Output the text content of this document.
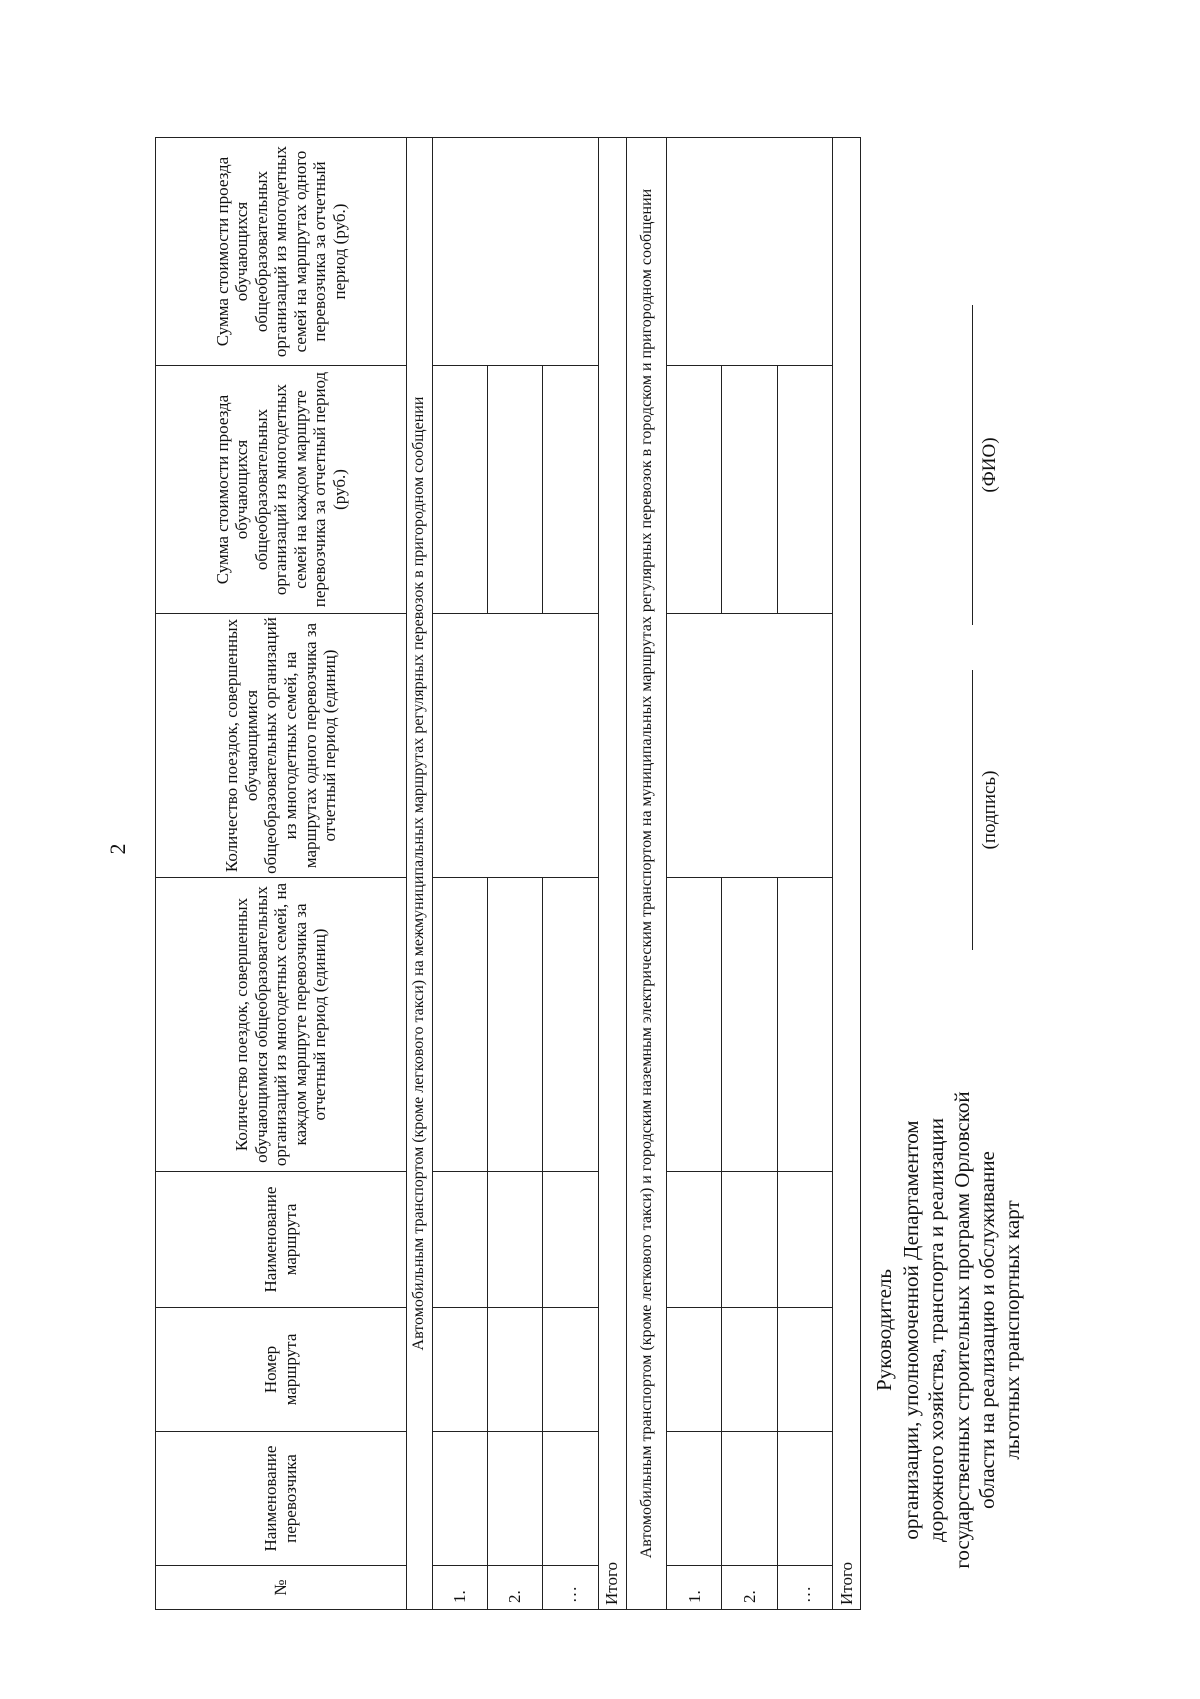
2
№	Наименование перевозчика	Номер маршрута	Наименование маршрута	Количество поездок, совершенных обучающимися общеобразовательных организаций из многодетных семей, на каждом маршруте перевозчика за отчетный период (единиц)	Количество поездок, совершенных обучающимися общеобразовательных организаций из многодетных семей, на маршрутах одного перевозчика за отчетный период (единиц)	Сумма стоимости проезда обучающихся общеобразовательных организаций из многодетных семей на каждом маршруте перевозчика за отчетный период (руб.)	Сумма стоимости проезда обучающихся общеобразовательных организаций из многодетных семей на маршрутах одного перевозчика за отчетный период (руб.)
Автомобильным транспортом (кроме легкового такси) на межмуниципальных маршрутах регулярных перевозок в пригородном сообщении							
1.							
2.							
…							
Итого							
Автомобильным транспортом (кроме легкового такси) и городским наземным электрическим транспортом на муниципальных маршрутах регулярных перевозок в городском и пригородном сообщении							
1.							
2.							
…							
Итого							
Руководитель организации, уполномоченной Департаментом дорожного хозяйства, транспорта и реализации государственных строительных программ Орловской области на реализацию и обслуживание льготных транспортных карт
(подпись)
(ФИО)
